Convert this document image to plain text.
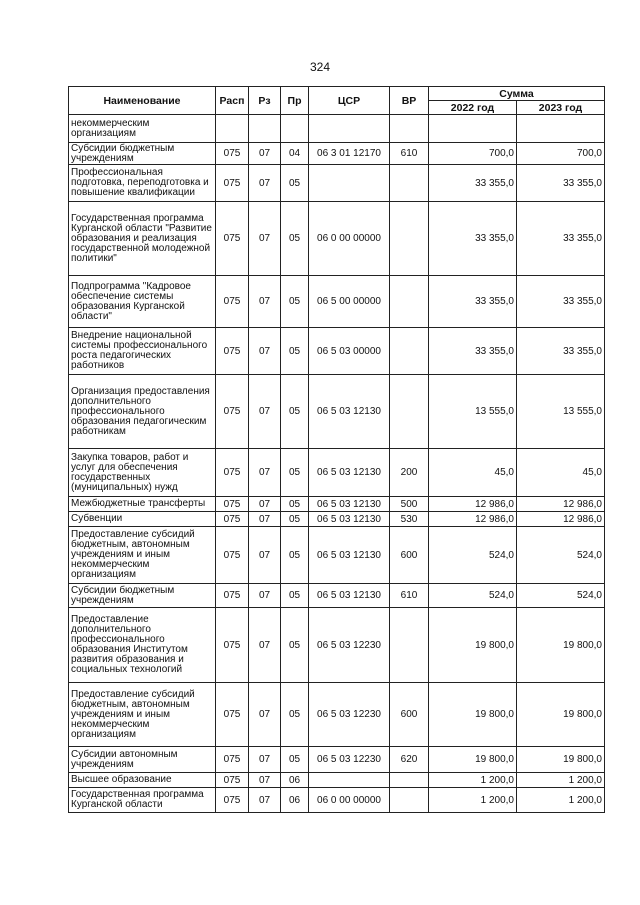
324
Наименование	Расп	Рз	Пр	ЦСР	ВР	Сумма	
						2022 год	2023 год
некоммерческим организациям							
Субсидии бюджетным учреждениям	075	07	04	06 3 01 12170	610	700,0	700,0
Профессиональная подготовка, переподготовка и повышение квалификации	075	07	05			33 355,0	33 355,0
Государственная программа Курганской области "Развитие образования и реализация государственной молодежной политики"	075	07	05	06 0 00 00000		33 355,0	33 355,0
Подпрограмма "Кадровое обеспечение системы образования Курганской области"	075	07	05	06 5 00 00000		33 355,0	33 355,0
Внедрение национальной системы профессионального роста педагогических работников	075	07	05	06 5 03 00000		33 355,0	33 355,0
Организация предоставления дополнительного профессионального образования педагогическим работникам	075	07	05	06 5 03 12130		13 555,0	13 555,0
Закупка товаров, работ и услуг для обеспечения государственных (муниципальных) нужд	075	07	05	06 5 03 12130	200	45,0	45,0
Межбюджетные трансферты	075	07	05	06 5 03 12130	500	12 986,0	12 986,0
Субвенции	075	07	05	06 5 03 12130	530	12 986,0	12 986,0
Предоставление субсидий бюджетным, автономным учреждениям и иным некоммерческим организациям	075	07	05	06 5 03 12130	600	524,0	524,0
Субсидии бюджетным учреждениям	075	07	05	06 5 03 12130	610	524,0	524,0
Предоставление дополнительного профессионального образования Институтом развития образования и социальных технологий	075	07	05	06 5 03 12230		19 800,0	19 800,0
Предоставление субсидий бюджетным, автономным учреждениям и иным некоммерческим организациям	075	07	05	06 5 03 12230	600	19 800,0	19 800,0
Субсидии автономным учреждениям	075	07	05	06 5 03 12230	620	19 800,0	19 800,0
Высшее образование	075	07	06			1 200,0	1 200,0
Государственная программа Курганской области	075	07	06	06 0 00 00000		1 200,0	1 200,0
